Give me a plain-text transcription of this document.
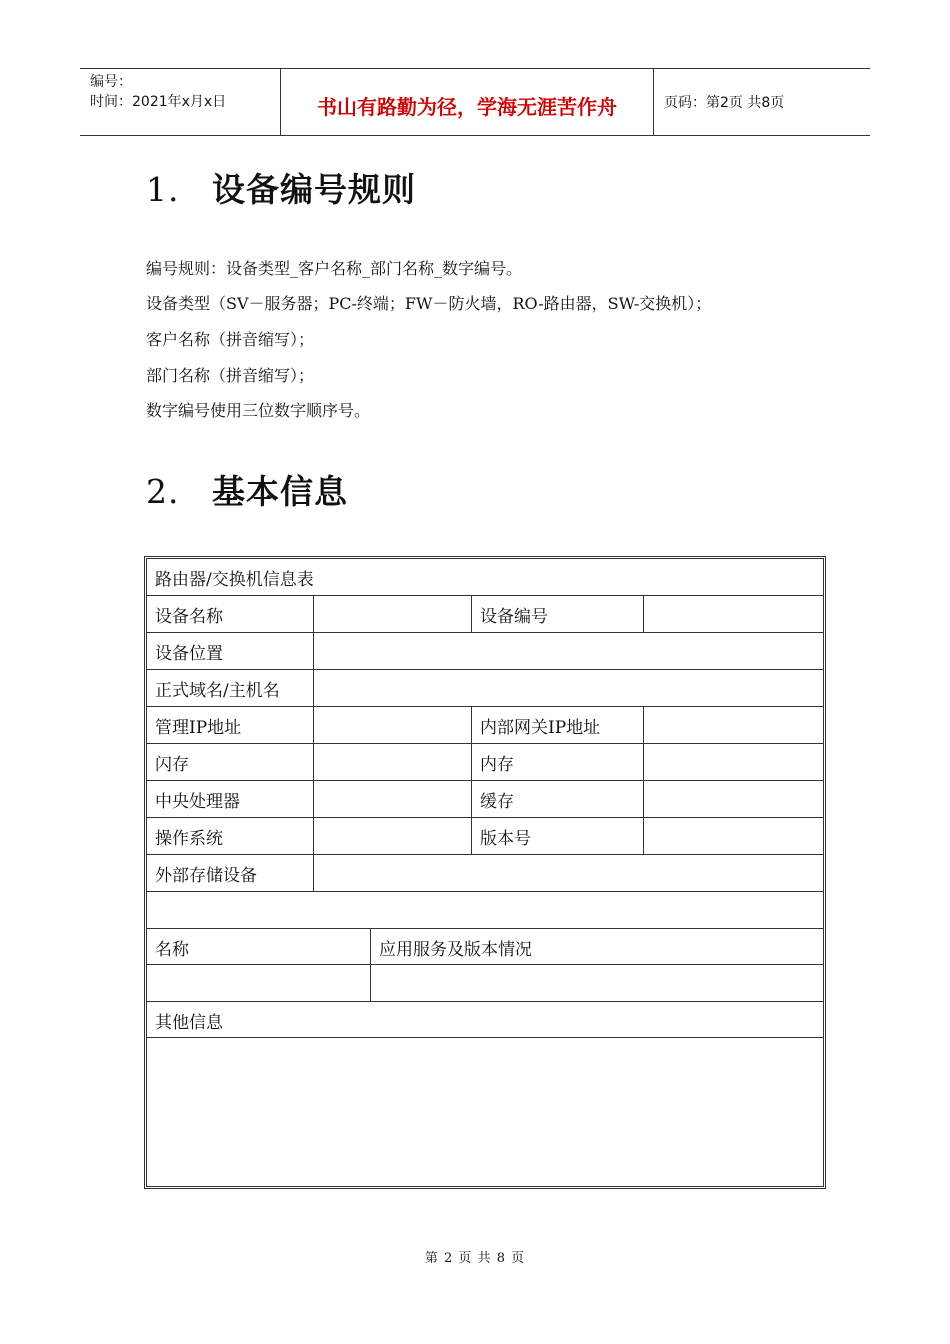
编号：
时间：2021年x月x日	书山有路勤为径，学海无涯苦作舟	页码：第2页 共8页
1. 设备编号规则
编号规则：设备类型_客户名称_部门名称_数字编号。
设备类型（SV－服务器；PC-终端；FW－防火墙，RO-路由器，SW-交换机）；
客户名称（拼音缩写）；
部门名称（拼音缩写）；
数字编号使用三位数字顺序号。
2. 基本信息
路由器/交换机信息表
设备名称	设备编号
设备位置
正式域名/主机名
管理IP地址	内部网关IP地址
闪存	内存
中央处理器	缓存
操作系统	版本号
外部存储设备
名称	应用服务及版本情况
其他信息
第 2 页 共 8 页
